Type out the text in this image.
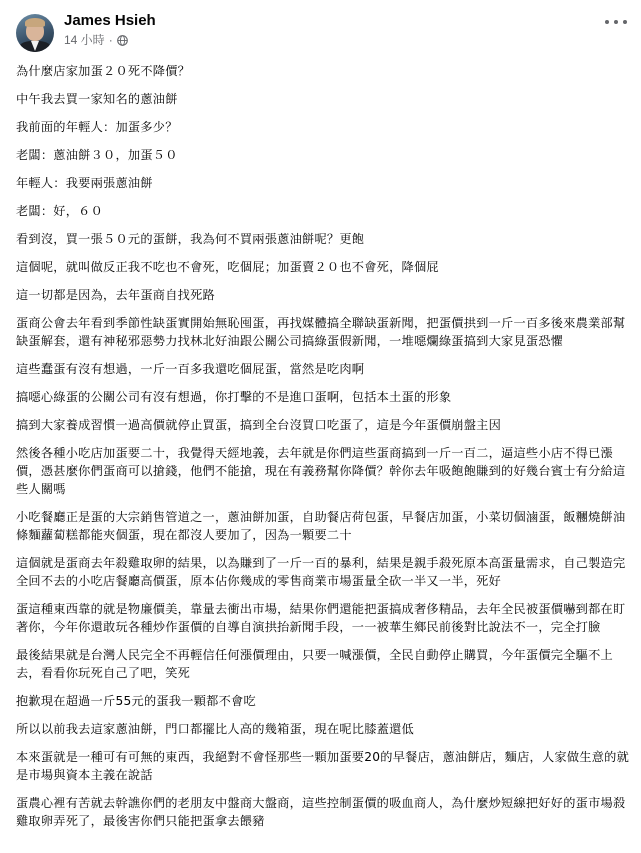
James Hsieh
14 小時 ·
為什麼店家加蛋２０死不降價？
中午我去買一家知名的蔥油餅
我前面的年輕人：加蛋多少？
老闆：蔥油餅３０，加蛋５０
年輕人：我要兩張蔥油餅
老闆：好，６０
看到沒，買一張５０元的蛋餅，我為何不買兩張蔥油餅呢？更飽
這個呢，就叫做反正我不吃也不會死，吃個屁；加蛋賣２０也不會死，降個屁
這一切都是因為，去年蛋商自找死路
蛋商公會去年看到季節性缺蛋實開始無恥囤蛋，再找媒體搞全聯缺蛋新聞，把蛋價拱到一斤一百多後來農業部幫缺蛋解套，還有神秘邪惡勢力找林北好油跟公關公司搞綠蛋假新聞，一堆噁爛綠蛋搞到大家見蛋恐懼
這些蠢蛋有沒有想過，一斤一百多我還吃個屁蛋，當然是吃肉啊
搞噁心綠蛋的公關公司有沒有想過，你打擊的不是進口蛋啊，包括本土蛋的形象
搞到大家養成習慣一過高價就停止買蛋，搞到全台沒買口吃蛋了，這是今年蛋價崩盤主因
然後各種小吃店加蛋要二十，我覺得天經地義，去年就是你們這些蛋商搞到一斤一百二，逼這些小店不得已漲價，憑甚麼你們蛋商可以搶錢，他們不能搶，現在有義務幫你降價？幹你去年吸飽飽賺到的好幾台賓士有分給這些人關嗎
小吃餐廳正是蛋的大宗銷售管道之一，蔥油餅加蛋，自助餐店荷包蛋，早餐店加蛋，小菜切個滷蛋，飯糰燒餅油條麵蘿蔔糕都能夾個蛋，現在都沒人要加了，因為一顆要二十
這個就是蛋商去年殺雞取卵的結果，以為賺到了一斤一百的暴利，結果是親手殺死原本高蛋量需求，自己製造完全回不去的小吃店餐廳高價蛋，原本佔你幾成的零售商業市場蛋量全砍一半又一半，死好
蛋這種東西靠的就是物廉價美，靠量去衝出市場，結果你們還能把蛋搞成奢侈精品，去年全民被蛋價嚇到都在盯著你，今年你還敢玩各種炒作蛋價的自導自演拱抬新聞手段，一一被華生鄉民前後對比說法不一，完全打臉
最後結果就是台灣人民完全不再輕信任何漲價理由，只要一喊漲價，全民自動停止購買，今年蛋價完全驅不上去，看看你玩死自己了吧，笑死
抱歉現在超過一斤55元的蛋我一顆都不會吃
所以以前我去這家蔥油餅，門口都擺比人高的幾箱蛋，現在呢比膝蓋還低
本來蛋就是一種可有可無的東西，我絕對不會怪那些一顆加蛋要20的早餐店，蔥油餅店，麵店，人家做生意的就是市場與資本主義在說話
蛋農心裡有苦就去幹譙你們的老朋友中盤商大盤商，這些控制蛋價的吸血商人，為什麼炒短線把好好的蛋市場殺雞取卵弄死了，最後害你們只能把蛋拿去餵豬
